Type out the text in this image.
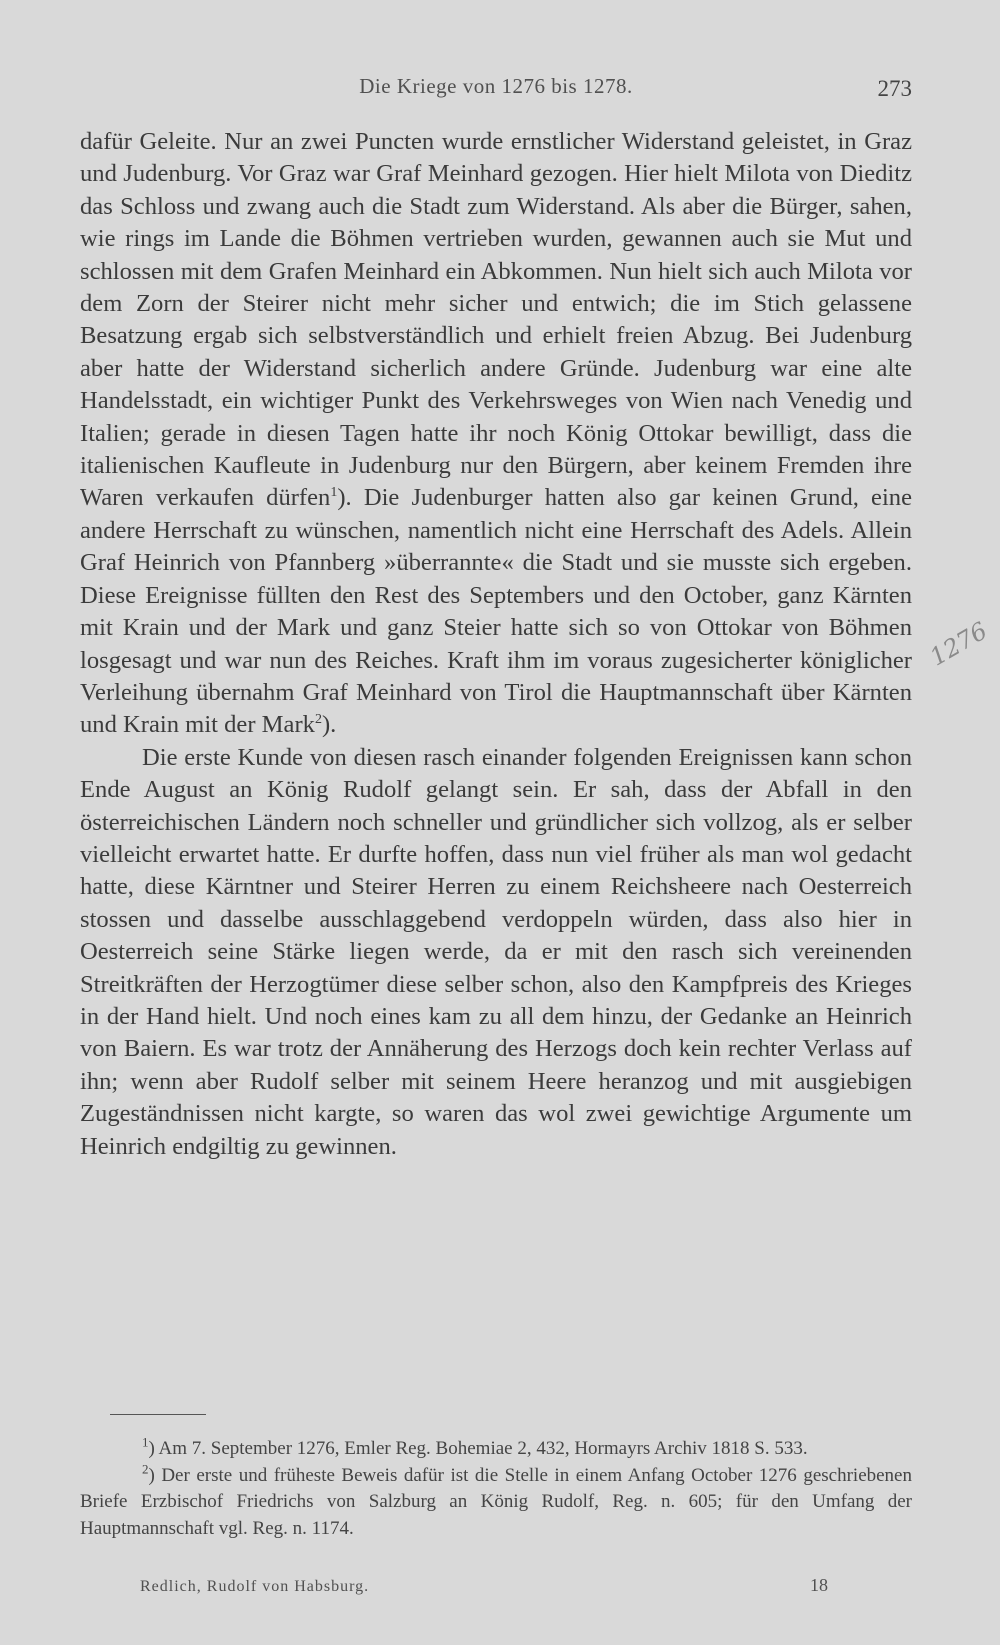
Die Kriege von 1276 bis 1278.	273

dafür Geleite. Nur an zwei Puncten wurde ernstlicher Widerstand geleistet, in Graz und Judenburg. Vor Graz war Graf Meinhard gezogen. Hier hielt Milota von Dieditz das Schloss und zwang auch die Stadt zum Widerstand. Als aber die Bürger, sahen, wie rings im Lande die Böhmen vertrieben wurden, gewannen auch sie Mut und schlossen mit dem Grafen Meinhard ein Abkommen. Nun hielt sich auch Milota vor dem Zorn der Steirer nicht mehr sicher und entwich; die im Stich gelassene Besatzung ergab sich selbstverständlich und erhielt freien Abzug. Bei Judenburg aber hatte der Widerstand sicherlich andere Gründe. Judenburg war eine alte Handelsstadt, ein wichtiger Punkt des Verkehrsweges von Wien nach Venedig und Italien; gerade in diesen Tagen hatte ihr noch König Ottokar bewilligt, dass die italienischen Kaufleute in Judenburg nur den Bürgern, aber keinem Fremden ihre Waren verkaufen dürfen$^1$). Die Judenburger hatten also gar keinen Grund, eine andere Herrschaft zu wünschen, namentlich nicht eine Herrschaft des Adels. Allein Graf Heinrich von Pfannberg »überrannte« die Stadt und sie musste sich ergeben. Diese Ereignisse füllten den Rest des Septembers und den October, ganz Kärnten mit Krain und der Mark und ganz Steier hatte sich so von Ottokar von Böhmen losgesagt und war nun des Reiches. Kraft ihm im voraus zugesicherter königlicher Verleihung übernahm Graf Meinhard von Tirol die Hauptmannschaft über Kärnten und Krain mit der Mark$^2$).

Die erste Kunde von diesen rasch einander folgenden Ereignissen kann schon Ende August an König Rudolf gelangt sein. Er sah, dass der Abfall in den österreichischen Ländern noch schneller und gründlicher sich vollzog, als er selber vielleicht erwartet hatte. Er durfte hoffen, dass nun viel früher als man wol gedacht hatte, diese Kärntner und Steirer Herren zu einem Reichsheere nach Oesterreich stossen und dasselbe ausschlaggebend verdoppeln würden, dass also hier in Oesterreich seine Stärke liegen werde, da er mit den rasch sich vereinenden Streitkräften der Herzogtümer diese selber schon, also den Kampfpreis des Krieges in der Hand hielt. Und noch eines kam zu all dem hinzu, der Gedanke an Heinrich von Baiern. Es war trotz der Annäherung des Herzogs doch kein rechter Verlass auf ihn; wenn aber Rudolf selber mit seinem Heere heranzog und mit ausgiebigen Zugeständnissen nicht kargte, so waren das wol zwei gewichtige Argumente um Heinrich endgiltig zu gewinnen.

1276

$^1$) Am 7. September 1276, Emler Reg. Bohemiae 2, 432, Hormayrs Archiv 1818 S. 533.

$^2$) Der erste und früheste Beweis dafür ist die Stelle in einem Anfang October 1276 geschriebenen Briefe Erzbischof Friedrichs von Salzburg an König Rudolf, Reg. n. 605; für den Umfang der Hauptmannschaft vgl. Reg. n. 1174.

Redlich, Rudolf von Habsburg.	18
